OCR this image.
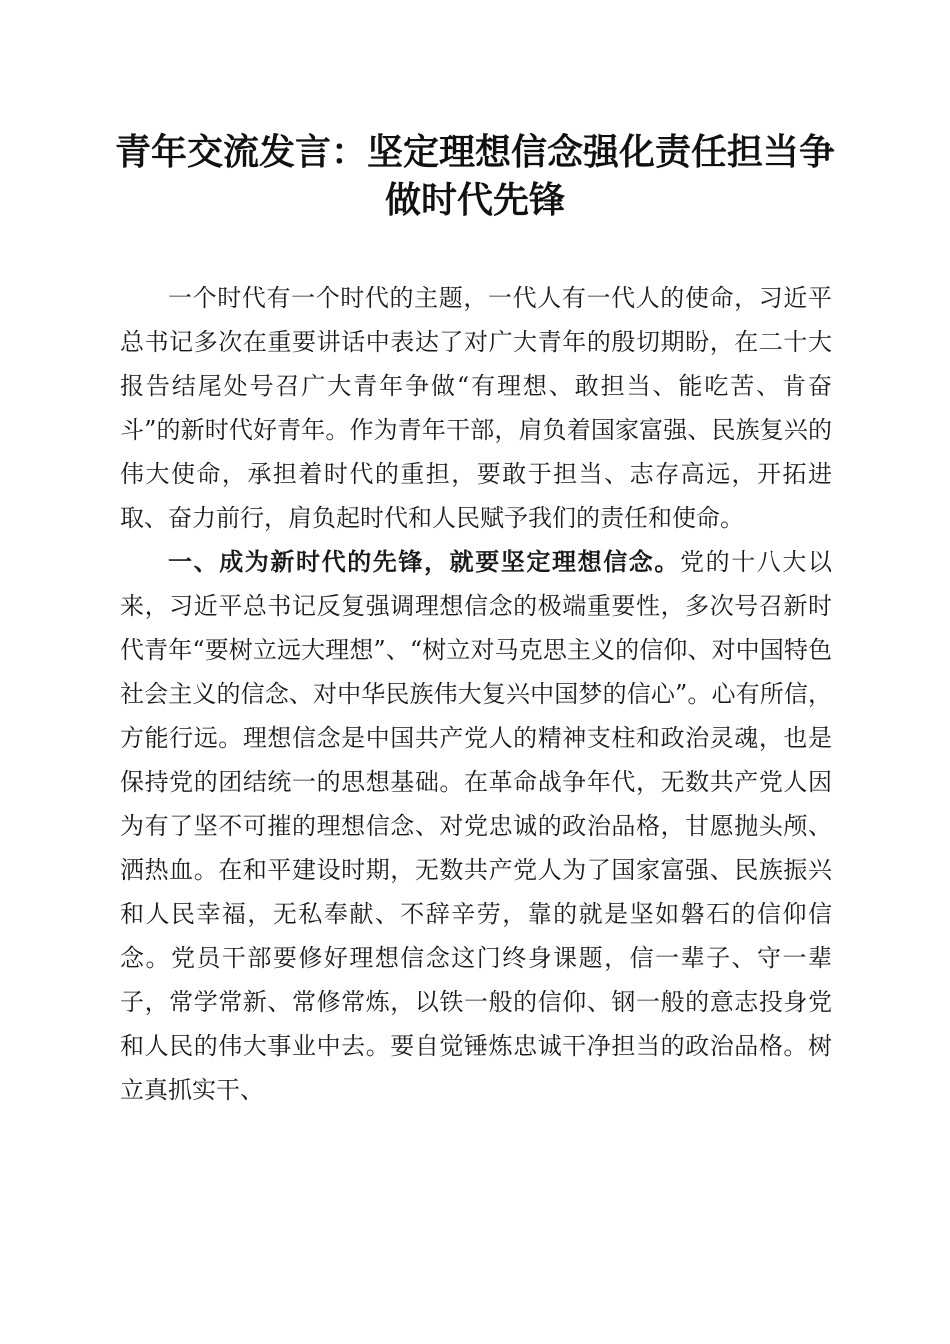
青年交流发言：坚定理想信念强化责任担当争
做时代先锋

一个时代有一个时代的主题，一代人有一代人的使命，习近平总书记多次在重要讲话中表达了对广大青年的殷切期盼，在二十大报告结尾处号召广大青年争做“有理想、敢担当、能吃苦、肯奋斗”的新时代好青年。作为青年干部，肩负着国家富强、民族复兴的伟大使命，承担着时代的重担，要敢于担当、志存高远，开拓进取、奋力前行，肩负起时代和人民赋予我们的责任和使命。

一、成为新时代的先锋，就要坚定理想信念。党的十八大以来，习近平总书记反复强调理想信念的极端重要性，多次号召新时代青年“要树立远大理想”、“树立对马克思主义的信仰、对中国特色社会主义的信念、对中华民族伟大复兴中国梦的信心”。心有所信，方能行远。理想信念是中国共产党人的精神支柱和政治灵魂，也是保持党的团结统一的思想基础。在革命战争年代，无数共产党人因为有了坚不可摧的理想信念、对党忠诚的政治品格，甘愿抛头颅、洒热血。在和平建设时期，无数共产党人为了国家富强、民族振兴和人民幸福，无私奉献、不辞辛劳，靠的就是坚如磐石的信仰信念。党员干部要修好理想信念这门终身课题，信一辈子、守一辈子，常学常新、常修常炼，以铁一般的信仰、钢一般的意志投身党和人民的伟大事业中去。要自觉锤炼忠诚干净担当的政治品格。树立真抓实干、
